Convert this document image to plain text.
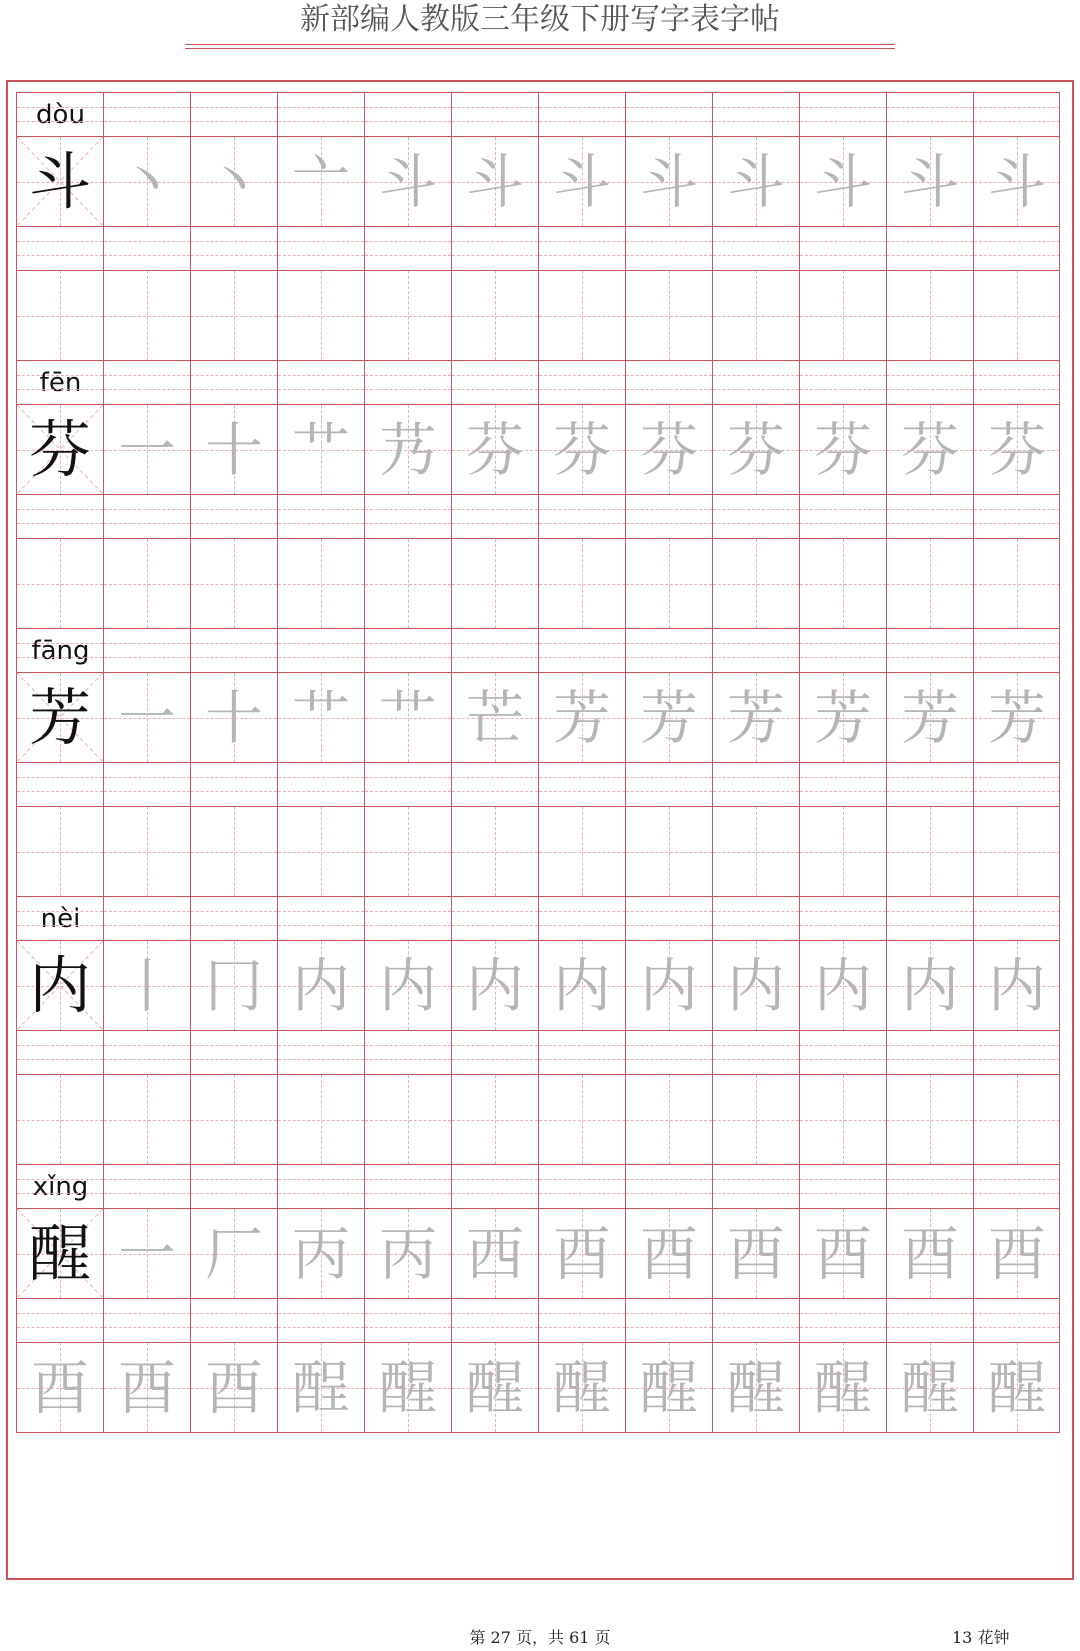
新部编人教版三年级下册写字表字帖
dòu
斗 丶 丶 亠 斗 斗 斗 斗 斗 斗 斗 斗
fēn
芬 一 十 艹 艿 芬 芬 芬 芬 芬 芬 芬
fāng
芳 一 十 艹 艹 芒 芳 芳 芳 芳 芳 芳
nèi
内 丨 冂 内 内 内 内 内 内 内 内 内
xǐng
醒 一 厂 丙 丙 西 酉 酉 酉 酉 酉 酉
酉 酉 酉 酲 醒 醒 醒 醒 醒 醒 醒 醒
第 27 页，共 61 页	13 花钟
